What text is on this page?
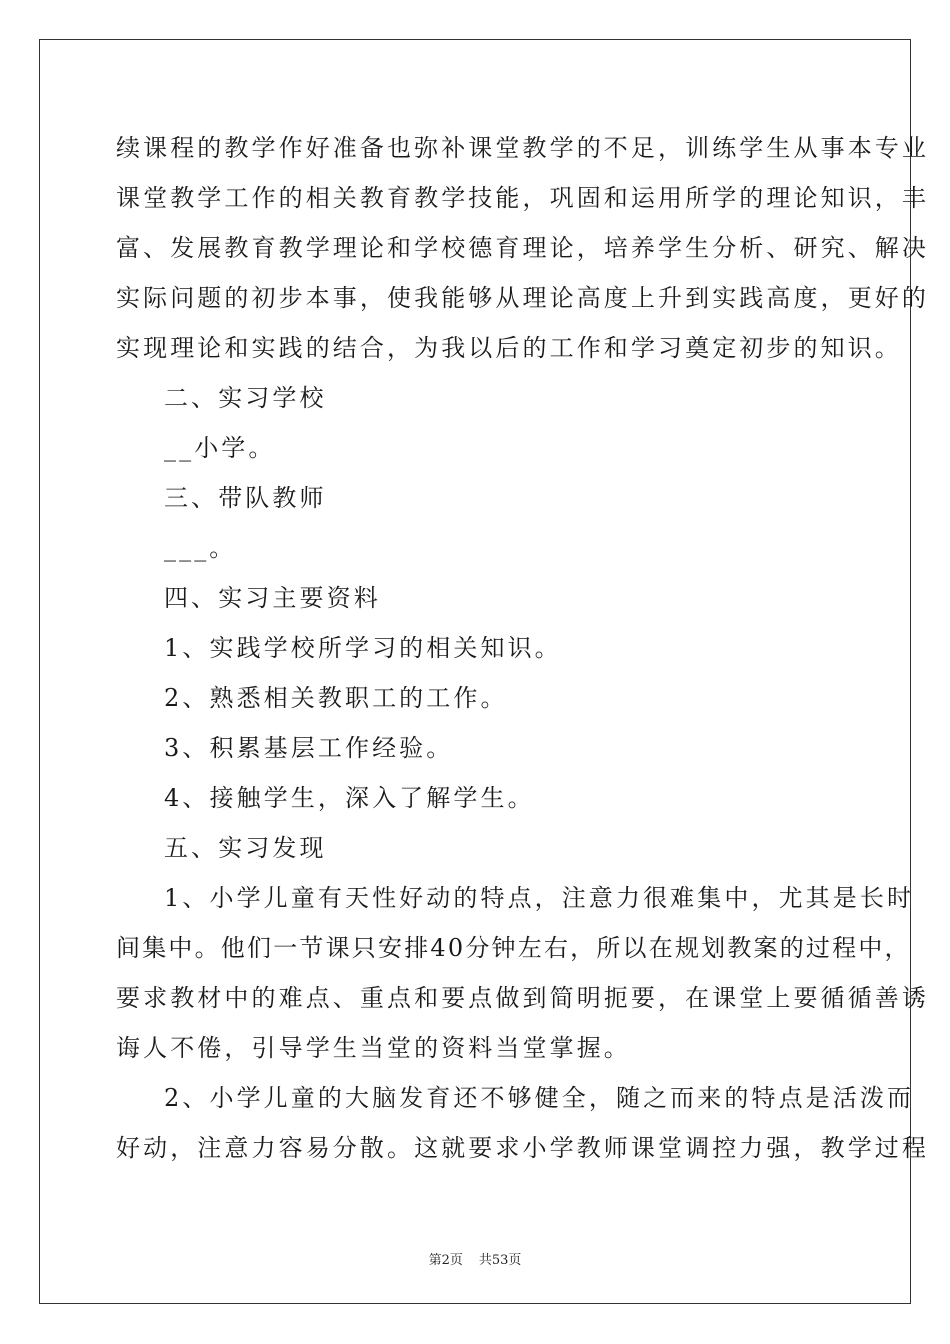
续课程的教学作好准备也弥补课堂教学的不足，训练学生从事本专业
课堂教学工作的相关教育教学技能，巩固和运用所学的理论知识，丰
富、发展教育教学理论和学校德育理论，培养学生分析、研究、解决
实际问题的初步本事，使我能够从理论高度上升到实践高度，更好的
实现理论和实践的结合，为我以后的工作和学习奠定初步的知识。
二、实习学校
__小学。
三、带队教师
___。
四、实习主要资料
1、实践学校所学习的相关知识。
2、熟悉相关教职工的工作。
3、积累基层工作经验。
4、接触学生，深入了解学生。
五、实习发现
1、小学儿童有天性好动的特点，注意力很难集中，尤其是长时
间集中。他们一节课只安排40分钟左右，所以在规划教案的过程中，
要求教材中的难点、重点和要点做到简明扼要，在课堂上要循循善诱
诲人不倦，引导学生当堂的资料当堂掌握。
2、小学儿童的大脑发育还不够健全，随之而来的特点是活泼而
好动，注意力容易分散。这就要求小学教师课堂调控力强，教学过程
第2页 共53页
